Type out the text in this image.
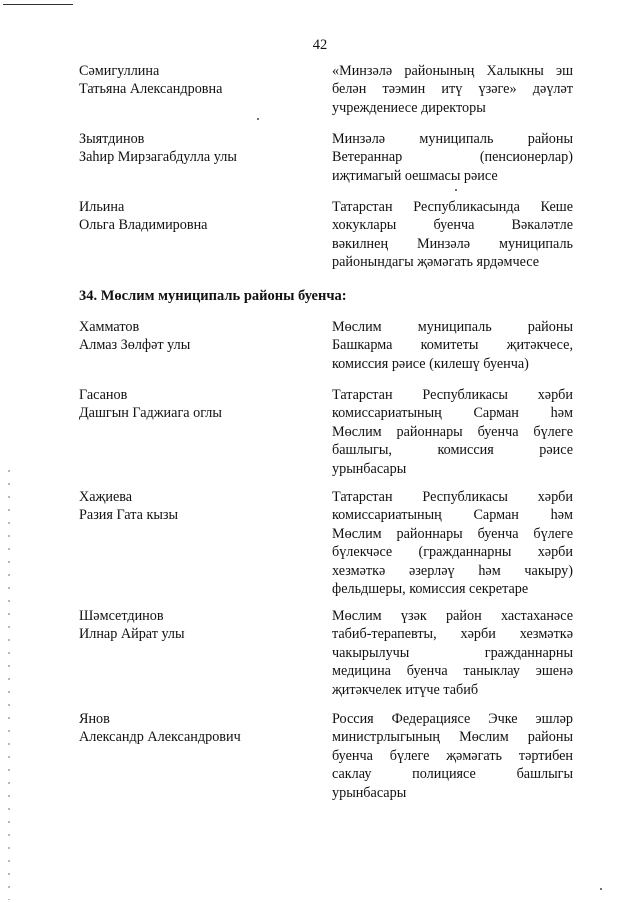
42
Сәмигуллина
Татьяна Александровна
«Минзәлә районының Халыкны эш
белән тәэмин итү үзәге» дәүләт
учреждениесе директоры
Зыятдинов
Заһир Мирзагабдулла улы
Минзәлә муниципаль районы
Ветераннар (пенсионерлар)
иҗтимагый оешмасы рәисе
Ильина
Ольга Владимировна
Татарстан Республикасында Кеше
хокуклары буенча Вәкаләтле
вәкилнең Минзәлә муниципаль
районындагы җәмәгать ярдәмчесе
34. Мөслим муниципаль районы буенча:
Хамматов
Алмаз Зөлфәт улы
Мөслим муниципаль районы
Башкарма комитеты җитәкчесе,
комиссия рәисе (килешү буенча)
Гасанов
Дашгын Гаджиага оглы
Татарстан Республикасы хәрби
комиссариатының Сарман һәм
Мөслим районнары буенча бүлеге
башлыгы, комиссия рәисе
урынбасары
Хаҗиева
Разия Гата кызы
Татарстан Республикасы хәрби
комиссариатының Сарман һәм
Мөслим районнары буенча бүлеге
бүлекчәсе (гражданнарны хәрби
хезмәткә әзерләү һәм чакыру)
фельдшеры, комиссия секретаре
Шәмсетдинов
Илнар Айрат улы
Мөслим үзәк район хастаханәсе
табиб-терапевты, хәрби хезмәткә
чакырылучы гражданнарны
медицина буенча таныклау эшенә
җитәкчелек итүче табиб
Янов
Александр Александрович
Россия Федерациясе Эчке эшләр
министрлыгының Мөслим районы
буенча бүлеге җәмәгать тәртибен
саклау полициясе башлыгы
урынбасары
